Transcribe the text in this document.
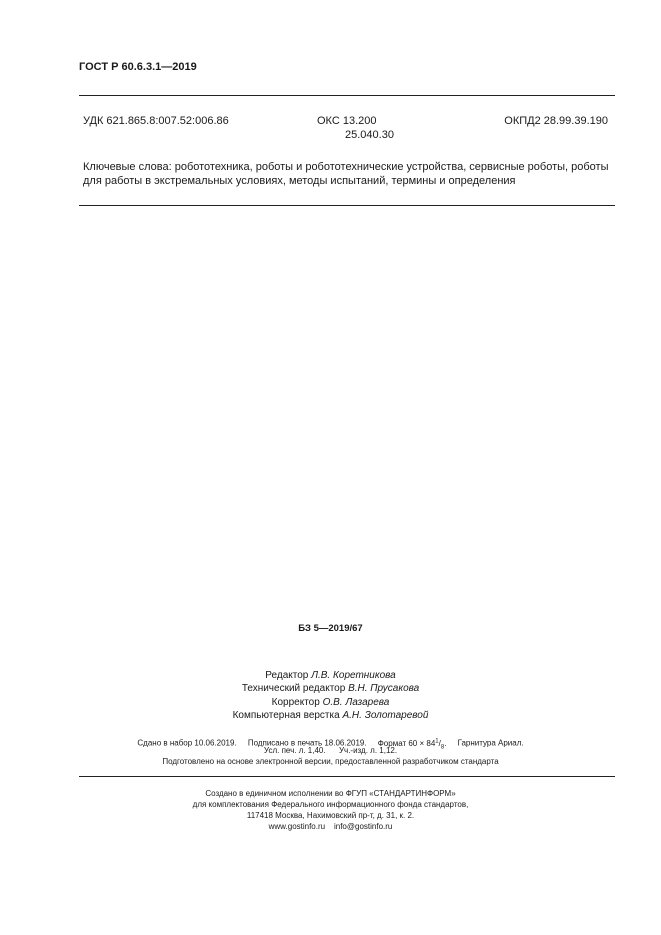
ГОСТ Р 60.6.3.1—2019
УДК 621.865.8:007.52:006.86	ОКС 13.200
25.040.30
ОКПД2 28.99.39.190
Ключевые слова: робототехника, роботы и робототехнические устройства, сервисные роботы, роботы для работы в экстремальных условиях, методы испытаний, термины и определения
БЗ 5—2019/67
Редактор Л.В. Коретникова
Технический редактор В.Н. Прусакова
Корректор О.В. Лазарева
Компьютерная верстка А.Н. Золотаревой
Сдано в набор 10.06.2019. Подписано в печать 18.06.2019. Формат $60 \times 84^1/_8$. Гарнитура Ариал.
Усл. печ. л. 1,40. Уч.-изд. л. 1,12.
Подготовлено на основе электронной версии, предоставленной разработчиком стандарта
Создано в единичном исполнении во ФГУП «СТАНДАРТИНФОРМ»
для комплектования Федерального информационного фонда стандартов,
117418 Москва, Нахимовский пр-т, д. 31, к. 2.
www.gostinfo.ru info@gostinfo.ru
